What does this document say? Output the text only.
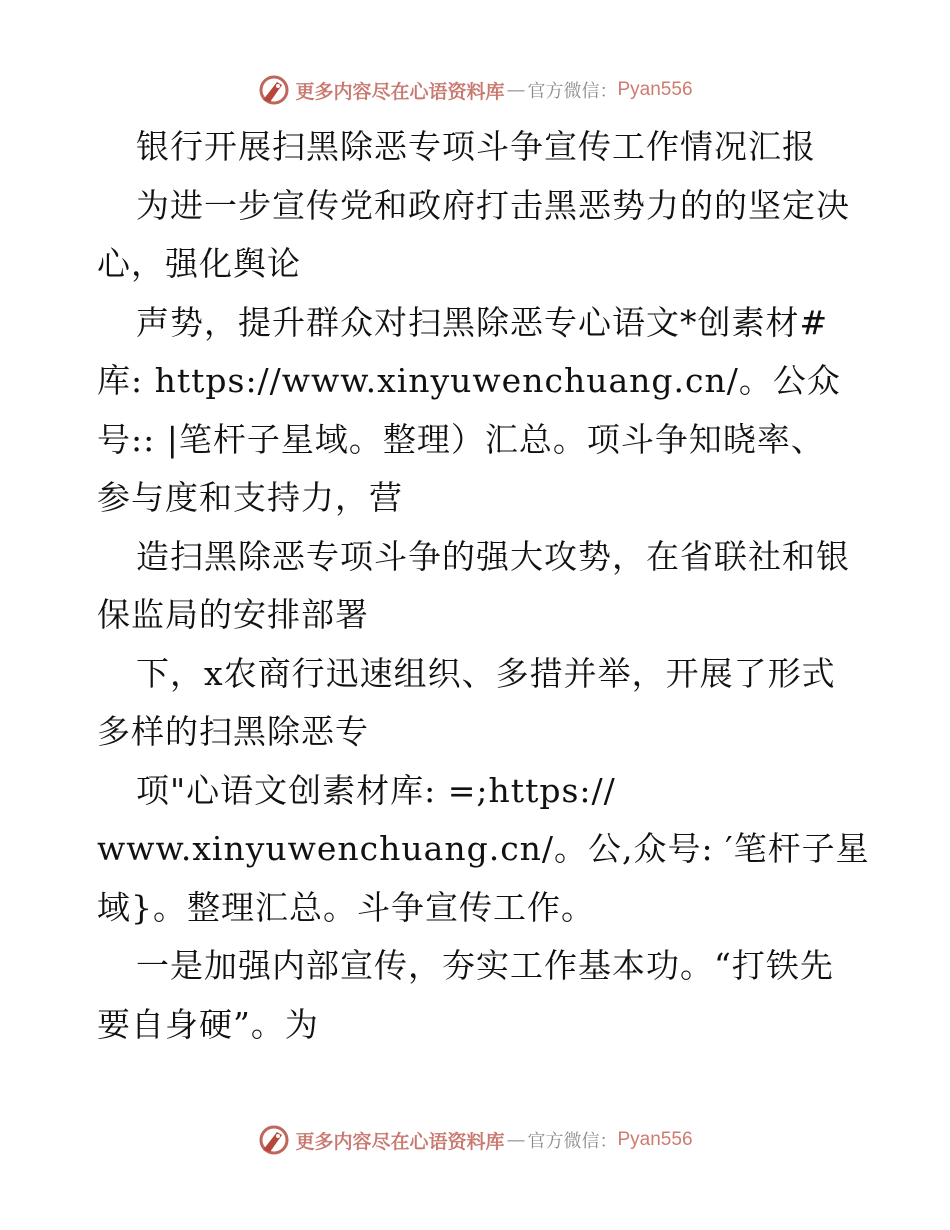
更多内容尽在心语资料库 — 官方微信： Pyan556
银行开展扫黑除恶专项斗争宣传工作情况汇报
为进一步宣传党和政府打击黑恶势力的的坚定决
心，强化舆论
声势，提升群众对扫黑除恶专心语文*创素材#
库: https://www.xinyuwenchuang.cn/。公众
号:: |笔杆子星域。整理）汇总。项斗争知晓率、
参与度和支持力，营
造扫黑除恶专项斗争的强大攻势，在省联社和银
保监局的安排部署
下，x农商行迅速组织、多措并举，开展了形式
多样的扫黑除恶专
项"心语文创素材库: =;https://
www.xinyuwenchuang.cn/。公,众号: ′笔杆子星
域}。整理汇总。斗争宣传工作。
一是加强内部宣传，夯实工作基本功。“打铁先
要自身硬”。为
更多内容尽在心语资料库 — 官方微信： Pyan556
